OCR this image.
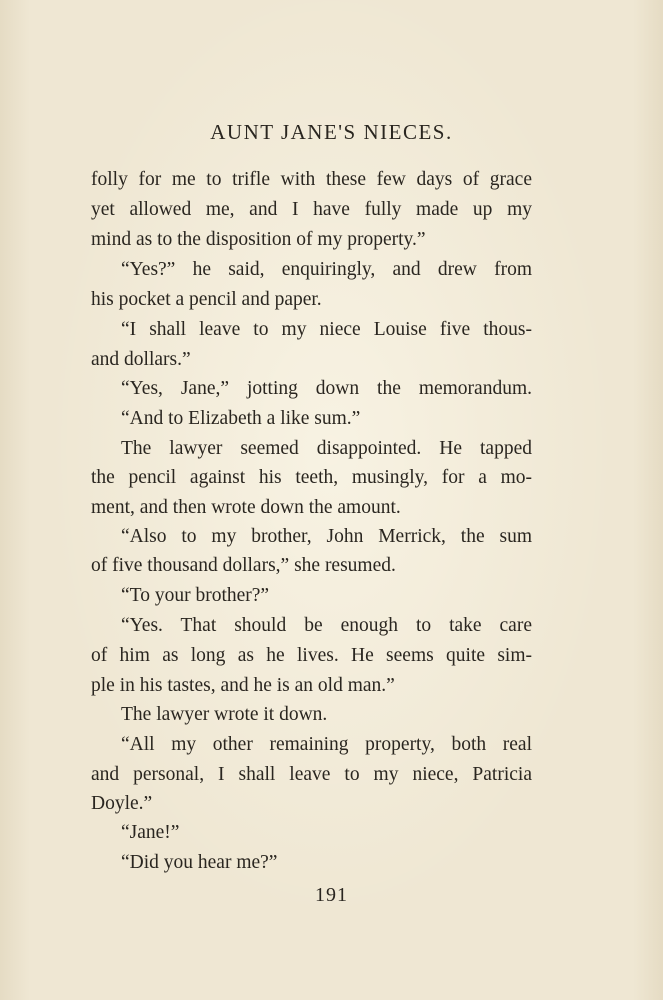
AUNT JANE'S NIECES.
folly for me to trifle with these few days of grace
yet allowed me, and I have fully made up my
mind as to the disposition of my property.”
“Yes?” he said, enquiringly, and drew from
his pocket a pencil and paper.
“I shall leave to my niece Louise five thous-
and dollars.”
“Yes, Jane,” jotting down the memorandum.
“And to Elizabeth a like sum.”
The lawyer seemed disappointed. He tapped
the pencil against his teeth, musingly, for a mo-
ment, and then wrote down the amount.
“Also to my brother, John Merrick, the sum
of five thousand dollars,” she resumed.
“To your brother?”
“Yes. That should be enough to take care
of him as long as he lives. He seems quite sim-
ple in his tastes, and he is an old man.”
The lawyer wrote it down.
“All my other remaining property, both real
and personal, I shall leave to my niece, Patricia
Doyle.”
“Jane!”
“Did you hear me?”
191
